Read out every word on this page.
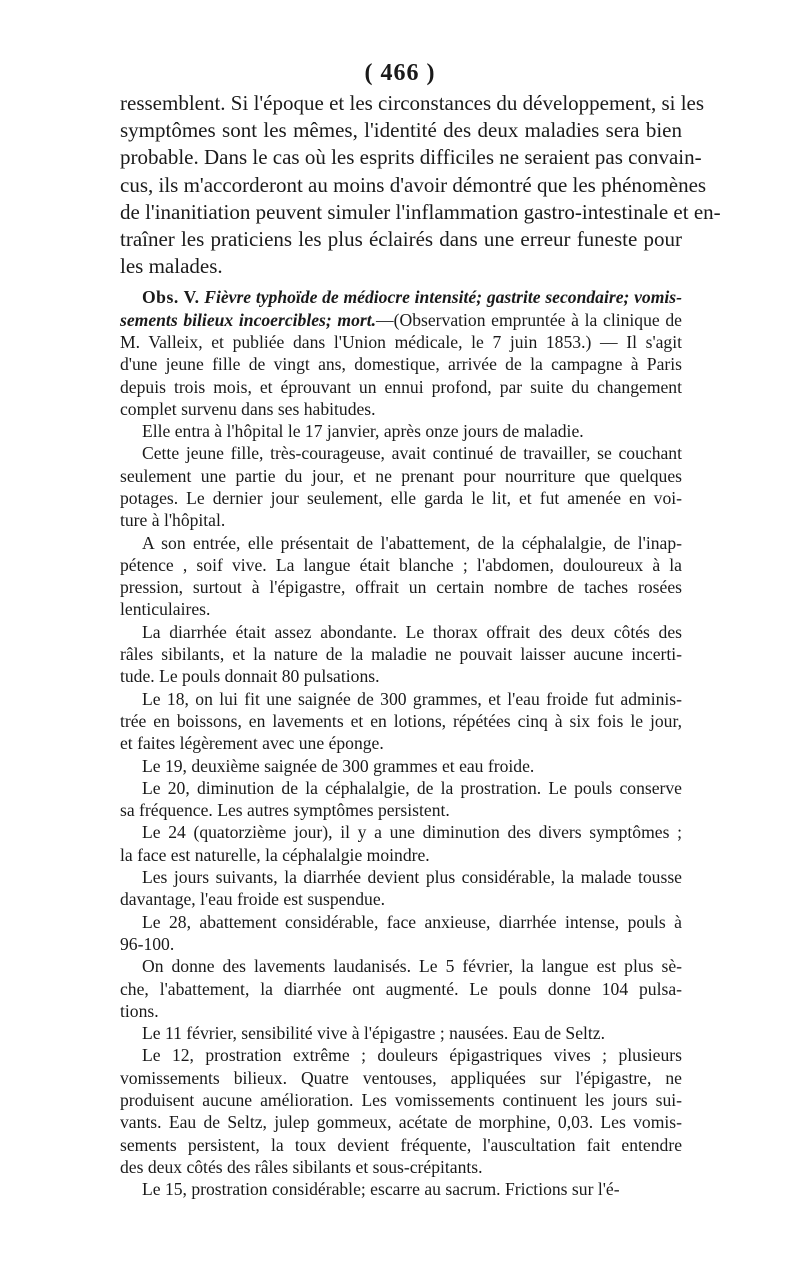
( 466 )
ressemblent. Si l'époque et les circonstances du développement, si les
symptômes sont les mêmes, l'identité des deux maladies sera bien
probable. Dans le cas où les esprits difficiles ne seraient pas convain-
cus, ils m'accorderont au moins d'avoir démontré que les phénomènes
de l'inanitiation peuvent simuler l'inflammation gastro-intestinale et en-
traîner les praticiens les plus éclairés dans une erreur funeste pour
les malades.
Obs. V. Fièvre typhoïde de médiocre intensité; gastrite secondaire; vomis-
sements bilieux incoercibles; mort.—(Observation empruntée à la clinique de
M. Valleix, et publiée dans l'Union médicale, le 7 juin 1853.) — Il s'agit
d'une jeune fille de vingt ans, domestique, arrivée de la campagne à Paris
depuis trois mois, et éprouvant un ennui profond, par suite du changement
complet survenu dans ses habitudes.
Elle entra à l'hôpital le 17 janvier, après onze jours de maladie.
Cette jeune fille, très-courageuse, avait continué de travailler, se couchant
seulement une partie du jour, et ne prenant pour nourriture que quelques
potages. Le dernier jour seulement, elle garda le lit, et fut amenée en voi-
ture à l'hôpital.
A son entrée, elle présentait de l'abattement, de la céphalalgie, de l'inap-
pétence , soif vive. La langue était blanche ; l'abdomen, douloureux à la
pression, surtout à l'épigastre, offrait un certain nombre de taches rosées
lenticulaires.
La diarrhée était assez abondante. Le thorax offrait des deux côtés des
râles sibilants, et la nature de la maladie ne pouvait laisser aucune incerti-
tude. Le pouls donnait 80 pulsations.
Le 18, on lui fit une saignée de 300 grammes, et l'eau froide fut adminis-
trée en boissons, en lavements et en lotions, répétées cinq à six fois le jour,
et faites légèrement avec une éponge.
Le 19, deuxième saignée de 300 grammes et eau froide.
Le 20, diminution de la céphalalgie, de la prostration. Le pouls conserve
sa fréquence. Les autres symptômes persistent.
Le 24 (quatorzième jour), il y a une diminution des divers symptômes ;
la face est naturelle, la céphalalgie moindre.
Les jours suivants, la diarrhée devient plus considérable, la malade tousse
davantage, l'eau froide est suspendue.
Le 28, abattement considérable, face anxieuse, diarrhée intense, pouls à
96-100.
On donne des lavements laudanisés. Le 5 février, la langue est plus sè-
che, l'abattement, la diarrhée ont augmenté. Le pouls donne 104 pulsa-
tions.
Le 11 février, sensibilité vive à l'épigastre ; nausées. Eau de Seltz.
Le 12, prostration extrême ; douleurs épigastriques vives ; plusieurs
vomissements bilieux. Quatre ventouses, appliquées sur l'épigastre, ne
produisent aucune amélioration. Les vomissements continuent les jours sui-
vants. Eau de Seltz, julep gommeux, acétate de morphine, 0,03. Les vomis-
sements persistent, la toux devient fréquente, l'auscultation fait entendre
des deux côtés des râles sibilants et sous-crépitants.
Le 15, prostration considérable; escarre au sacrum. Frictions sur l'é-
